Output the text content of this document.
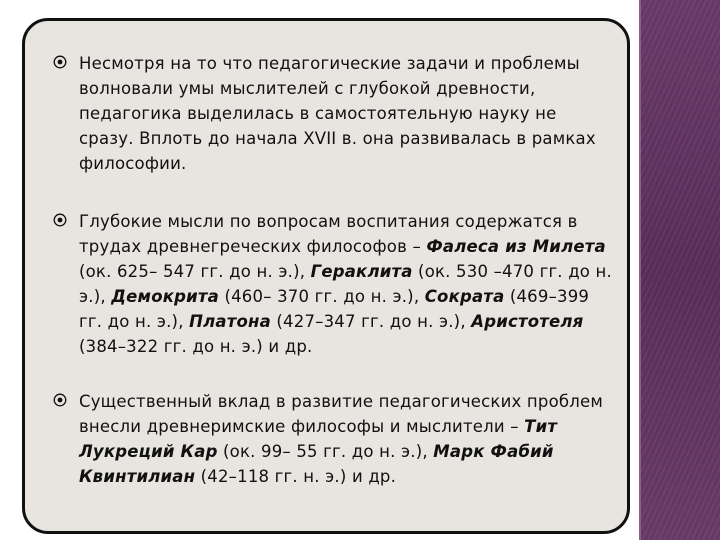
Несмотря на то что педагогические задачи и проблемы волновали умы мыслителей с глубокой древности, педагогика выделилась в самостоятельную науку не сразу. Вплоть до начала XVII в. она развивалась в рамках философии.

Глубокие мысли по вопросам воспитания содержатся в трудах древнегреческих философов – Фалеса из Милета (ок. 625– 547 гг. до н. э.), Гераклита (ок. 530 –470 гг. до н. э.), Демокрита (460– 370 гг. до н. э.), Сократа (469–399 гг. до н. э.), Платона (427–347 гг. до н. э.), Аристотеля (384–322 гг. до н. э.) и др.

Существенный вклад в развитие педагогических проблем внесли древнеримские философы и мыслители – Тит Лукреций Кар (ок. 99– 55 гг. до н. э.), Марк Фабий Квинтилиан (42–118 гг. н. э.) и др.
